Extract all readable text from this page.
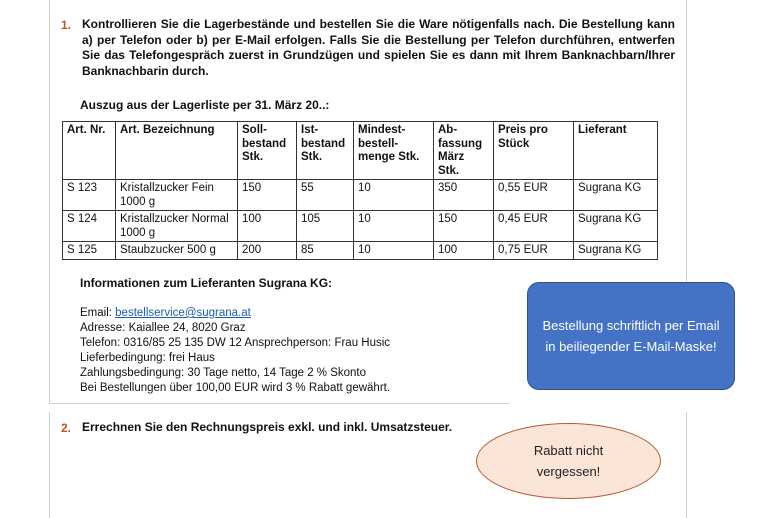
1. Kontrollieren Sie die Lagerbestände und bestellen Sie die Ware nötigenfalls nach. Die Bestellung kann a) per Telefon oder b) per E-Mail erfolgen. Falls Sie die Bestellung per Telefon durchführen, entwerfen Sie das Telefongespräch zuerst in Grundzügen und spielen Sie es dann mit Ihrem Banknachbarn/Ihrer Banknachbarin durch.
Auszug aus der Lagerliste per 31. März 20..:
Art. Nr.	Art. Bezeichnung	Soll-bestand Stk.	Ist-bestand Stk.	Mindest-bestell-menge Stk.	Ab-fassung März Stk.	Preis pro Stück	Lieferant
S 123	Kristallzucker Fein 1000 g	150	55	10	350	0,55 EUR	Sugrana KG
S 124	Kristallzucker Normal 1000 g	100	105	10	150	0,45 EUR	Sugrana KG
S 125	Staubzucker 500 g	200	85	10	100	0,75 EUR	Sugrana KG
Informationen zum Lieferanten Sugrana KG:
Email: bestellservice@sugrana.at
Adresse: Kaiallee 24, 8020 Graz
Telefon: 0316/85 25 135 DW 12 Ansprechperson: Frau Husic
Lieferbedingung: frei Haus
Zahlungsbedingung: 30 Tage netto, 14 Tage 2 % Skonto
Bei Bestellungen über 100,00 EUR wird 3 % Rabatt gewährt.
2. Errechnen Sie den Rechnungspreis exkl. und inkl. Umsatzsteuer.
Bestellung schriftlich per Email in beiliegender E-Mail-Maske!
Rabatt nicht vergessen!
